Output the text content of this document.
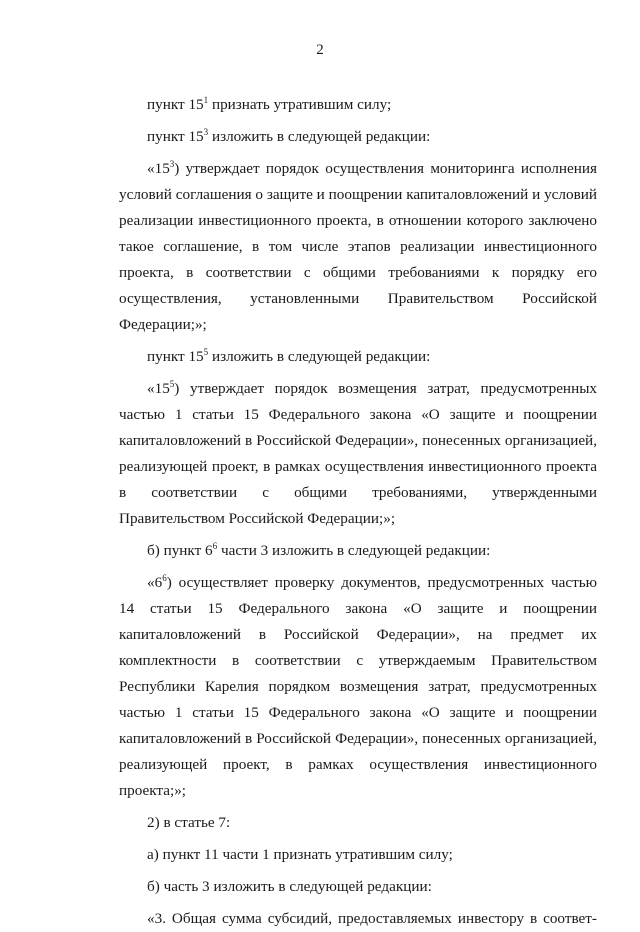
2

пункт $15^1$ признать утратившим силу;

пункт $15^3$ изложить в следующей редакции:

«$15^3$) утверждает порядок осуществления мониторинга исполнения условий соглашения о защите и поощрении капиталовложений и условий реализации инвестиционного проекта, в отношении которого заключено такое соглашение, в том числе этапов реализации инвестиционного проекта, в соответствии с общими требованиями к порядку его осуществления, установленными Правительством Российской Федерации;»;

пункт $15^5$ изложить в следующей редакции:

«$15^5$) утверждает порядок возмещения затрат, предусмотренных частью 1 статьи 15 Федерального закона «О защите и поощрении капиталовложений в Российской Федерации», понесенных организацией, реализующей проект, в рамках осуществления инвестиционного проекта в соответствии с общими требованиями, утвержденными Правительством Российской Федерации;»;

б) пункт $6^6$ части 3 изложить в следующей редакции:

«$6^6$) осуществляет проверку документов, предусмотренных частью 14 статьи 15 Федерального закона «О защите и поощрении капиталовложений в Российской Федерации», на предмет их комплектности в соответствии с утверждаемым Правительством Республики Карелия порядком возмещения затрат, предусмотренных частью 1 статьи 15 Федерального закона «О защите и поощрении капиталовложений в Российской Федерации», понесенных организацией, реализующей проект, в рамках осуществления инвестиционного проекта;»;

2) в статье 7:

а) пункт 11 части 1 признать утратившим силу;

б) часть 3 изложить в следующей редакции:

«3. Общая сумма субсидий, предоставляемых инвестору в соответ-
